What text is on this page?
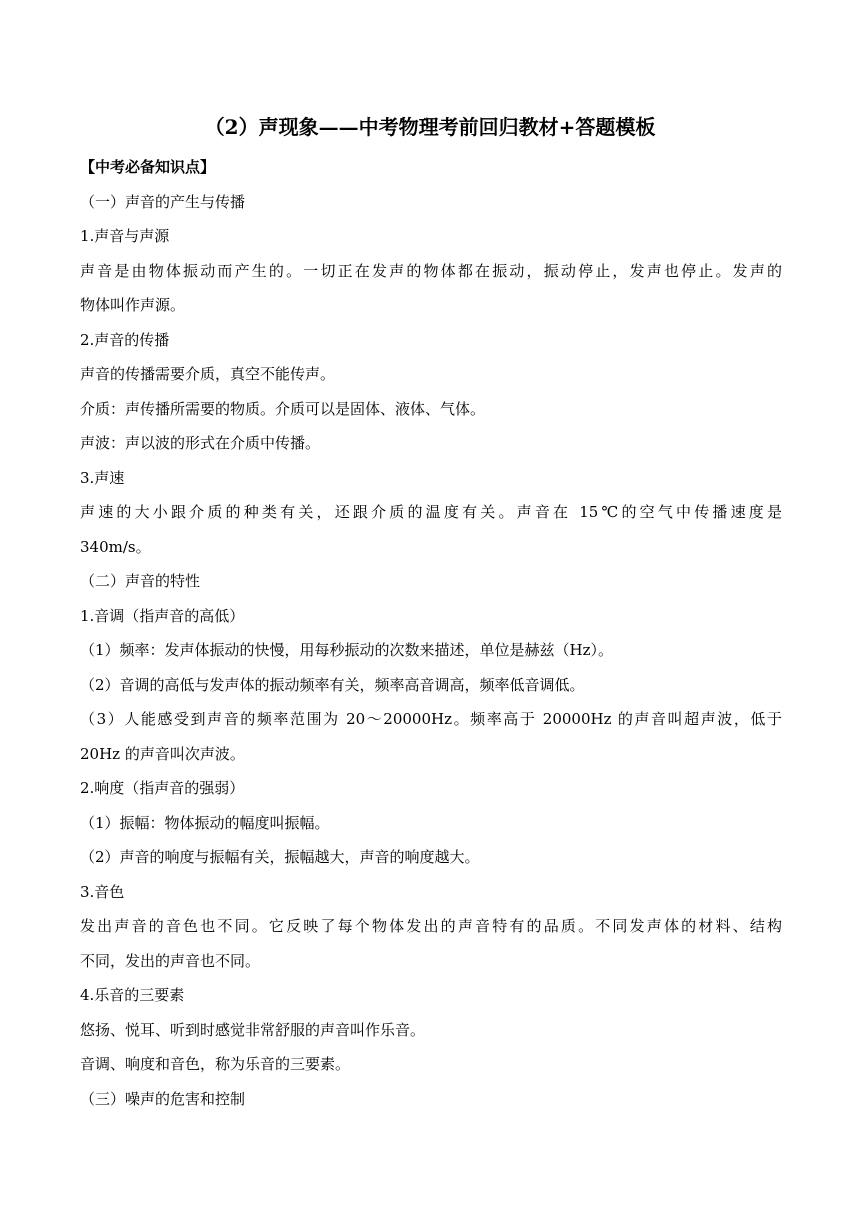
（2）声现象——中考物理考前回归教材+答题模板
【中考必备知识点】
（一）声音的产生与传播
1.声音与声源
声音是由物体振动而产生的。一切正在发声的物体都在振动，振动停止，发声也停止。发声的
物体叫作声源。
2.声音的传播
声音的传播需要介质，真空不能传声。
介质：声传播所需要的物质。介质可以是固体、液体、气体。
声波：声以波的形式在介质中传播。
3.声速
声速的大小跟介质的种类有关，还跟介质的温度有关。声音在 15℃的空气中传播速度是
340m/s。
（二）声音的特性
1.音调（指声音的高低）
（1）频率：发声体振动的快慢，用每秒振动的次数来描述，单位是赫兹（Hz）。
（2）音调的高低与发声体的振动频率有关，频率高音调高，频率低音调低。
（3）人能感受到声音的频率范围为 20～20000Hz。频率高于 20000Hz 的声音叫超声波，低于
20Hz 的声音叫次声波。
2.响度（指声音的强弱）
（1）振幅：物体振动的幅度叫振幅。
（2）声音的响度与振幅有关，振幅越大，声音的响度越大。
3.音色
发出声音的音色也不同。它反映了每个物体发出的声音特有的品质。不同发声体的材料、结构
不同，发出的声音也不同。
4.乐音的三要素
悠扬、悦耳、听到时感觉非常舒服的声音叫作乐音。
音调、响度和音色，称为乐音的三要素。
（三）噪声的危害和控制
